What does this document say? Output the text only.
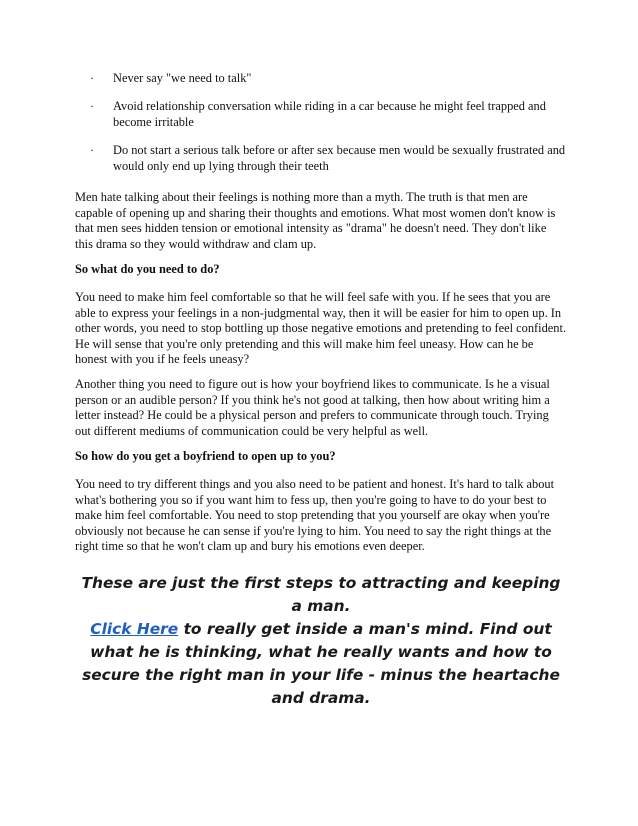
· Never say "we need to talk"
· Avoid relationship conversation while riding in a car because he might feel trapped and become irritable
· Do not start a serious talk before or after sex because men would be sexually frustrated and would only end up lying through their teeth

Men hate talking about their feelings is nothing more than a myth. The truth is that men are capable of opening up and sharing their thoughts and emotions. What most women don't know is that men sees hidden tension or emotional intensity as "drama" he doesn't need. They don't like this drama so they would withdraw and clam up.

So what do you need to do?

You need to make him feel comfortable so that he will feel safe with you. If he sees that you are able to express your feelings in a non-judgmental way, then it will be easier for him to open up. In other words, you need to stop bottling up those negative emotions and pretending to feel confident. He will sense that you're only pretending and this will make him feel uneasy. How can he be honest with you if he feels uneasy?

Another thing you need to figure out is how your boyfriend likes to communicate. Is he a visual person or an audible person? If you think he's not good at talking, then how about writing him a letter instead? He could be a physical person and prefers to communicate through touch. Trying out different mediums of communication could be very helpful as well.

So how do you get a boyfriend to open up to you?

You need to try different things and you also need to be patient and honest. It's hard to talk about what's bothering you so if you want him to fess up, then you're going to have to do your best to make him feel comfortable. You need to stop pretending that you yourself are okay when you're obviously not because he can sense if you're lying to him. You need to say the right things at the right time so that he won't clam up and bury his emotions even deeper.

These are just the first steps to attracting and keeping a man.
Click Here to really get inside a man's mind. Find out what he is thinking, what he really wants and how to secure the right man in your life - minus the heartache and drama.
